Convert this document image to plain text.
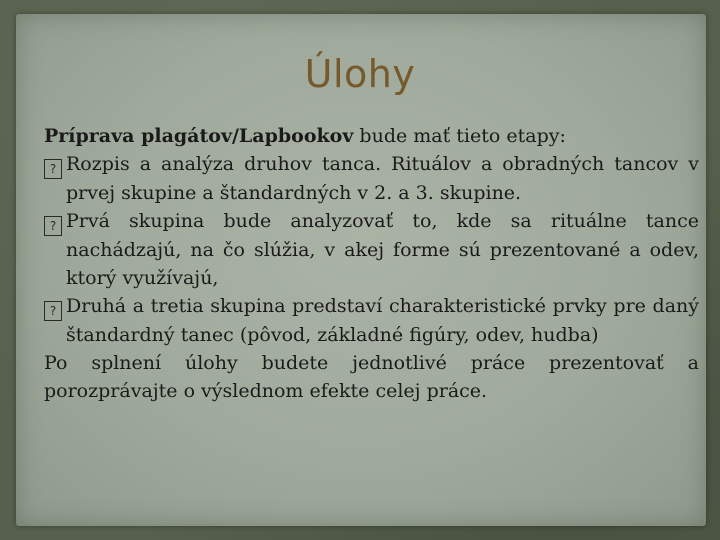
Úlohy

Príprava plagátov/Lapbookov bude mať tieto etapy:

? Rozpis a analýza druhov tanca. Rituálov a obradných tancov v prvej skupine a štandardných v 2. a 3. skupine.

? Prvá skupina bude analyzovať to, kde sa rituálne tance nachádzajú, na čo slúžia, v akej forme sú prezentované a odev, ktorý využívajú,

? Druhá a tretia skupina predstaví charakteristické prvky pre daný štandardný tanec (pôvod, základné figúry, odev, hudba)

Po splnení úlohy budete jednotlivé práce prezentovať a porozprávajte o výslednom efekte celej práce.
